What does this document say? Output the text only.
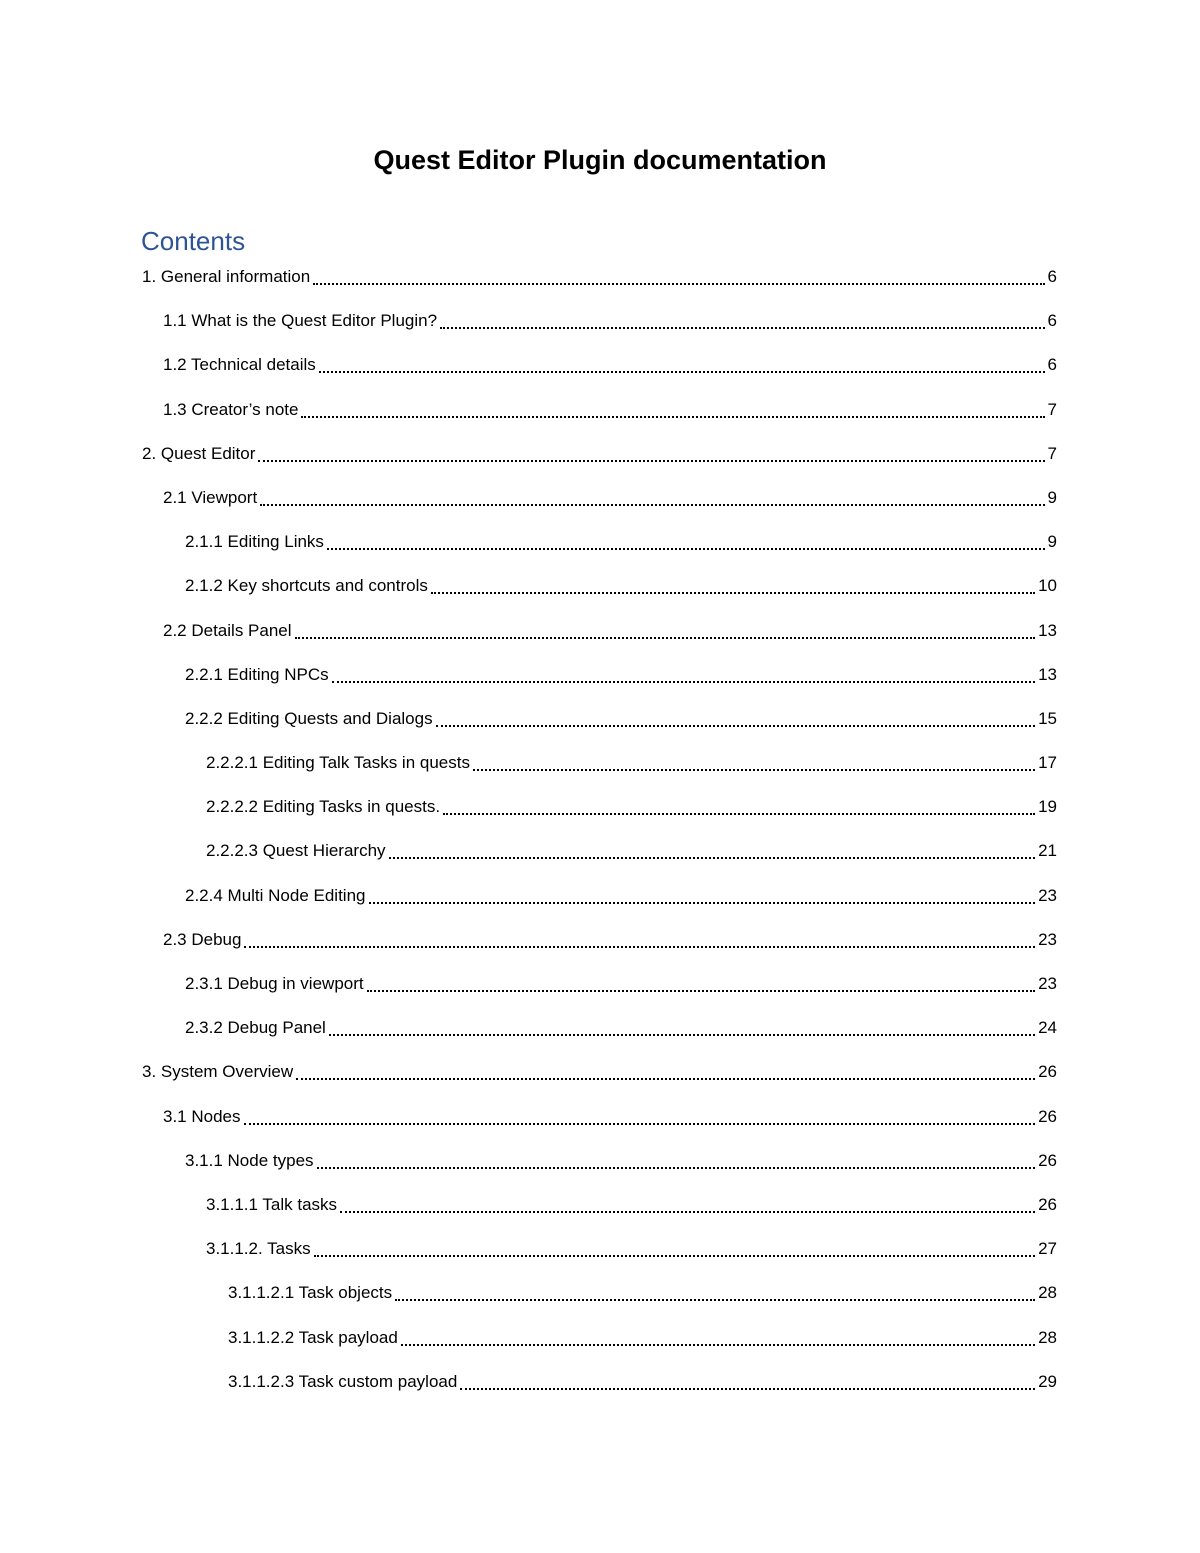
Quest Editor Plugin documentation
Contents
1. General information	6
1.1 What is the Quest Editor Plugin?	6
1.2 Technical details	6
1.3 Creator’s note	7
2. Quest Editor	7
2.1 Viewport	9
2.1.1 Editing Links	9
2.1.2 Key shortcuts and controls	10
2.2 Details Panel	13
2.2.1 Editing NPCs	13
2.2.2 Editing Quests and Dialogs	15
2.2.2.1 Editing Talk Tasks in quests	17
2.2.2.2 Editing Tasks in quests.	19
2.2.2.3 Quest Hierarchy	21
2.2.4 Multi Node Editing	23
2.3 Debug	23
2.3.1 Debug in viewport	23
2.3.2 Debug Panel	24
3. System Overview	26
3.1 Nodes	26
3.1.1 Node types	26
3.1.1.1 Talk tasks	26
3.1.1.2. Tasks	27
3.1.1.2.1 Task objects	28
3.1.1.2.2 Task payload	28
3.1.1.2.3 Task custom payload	29
